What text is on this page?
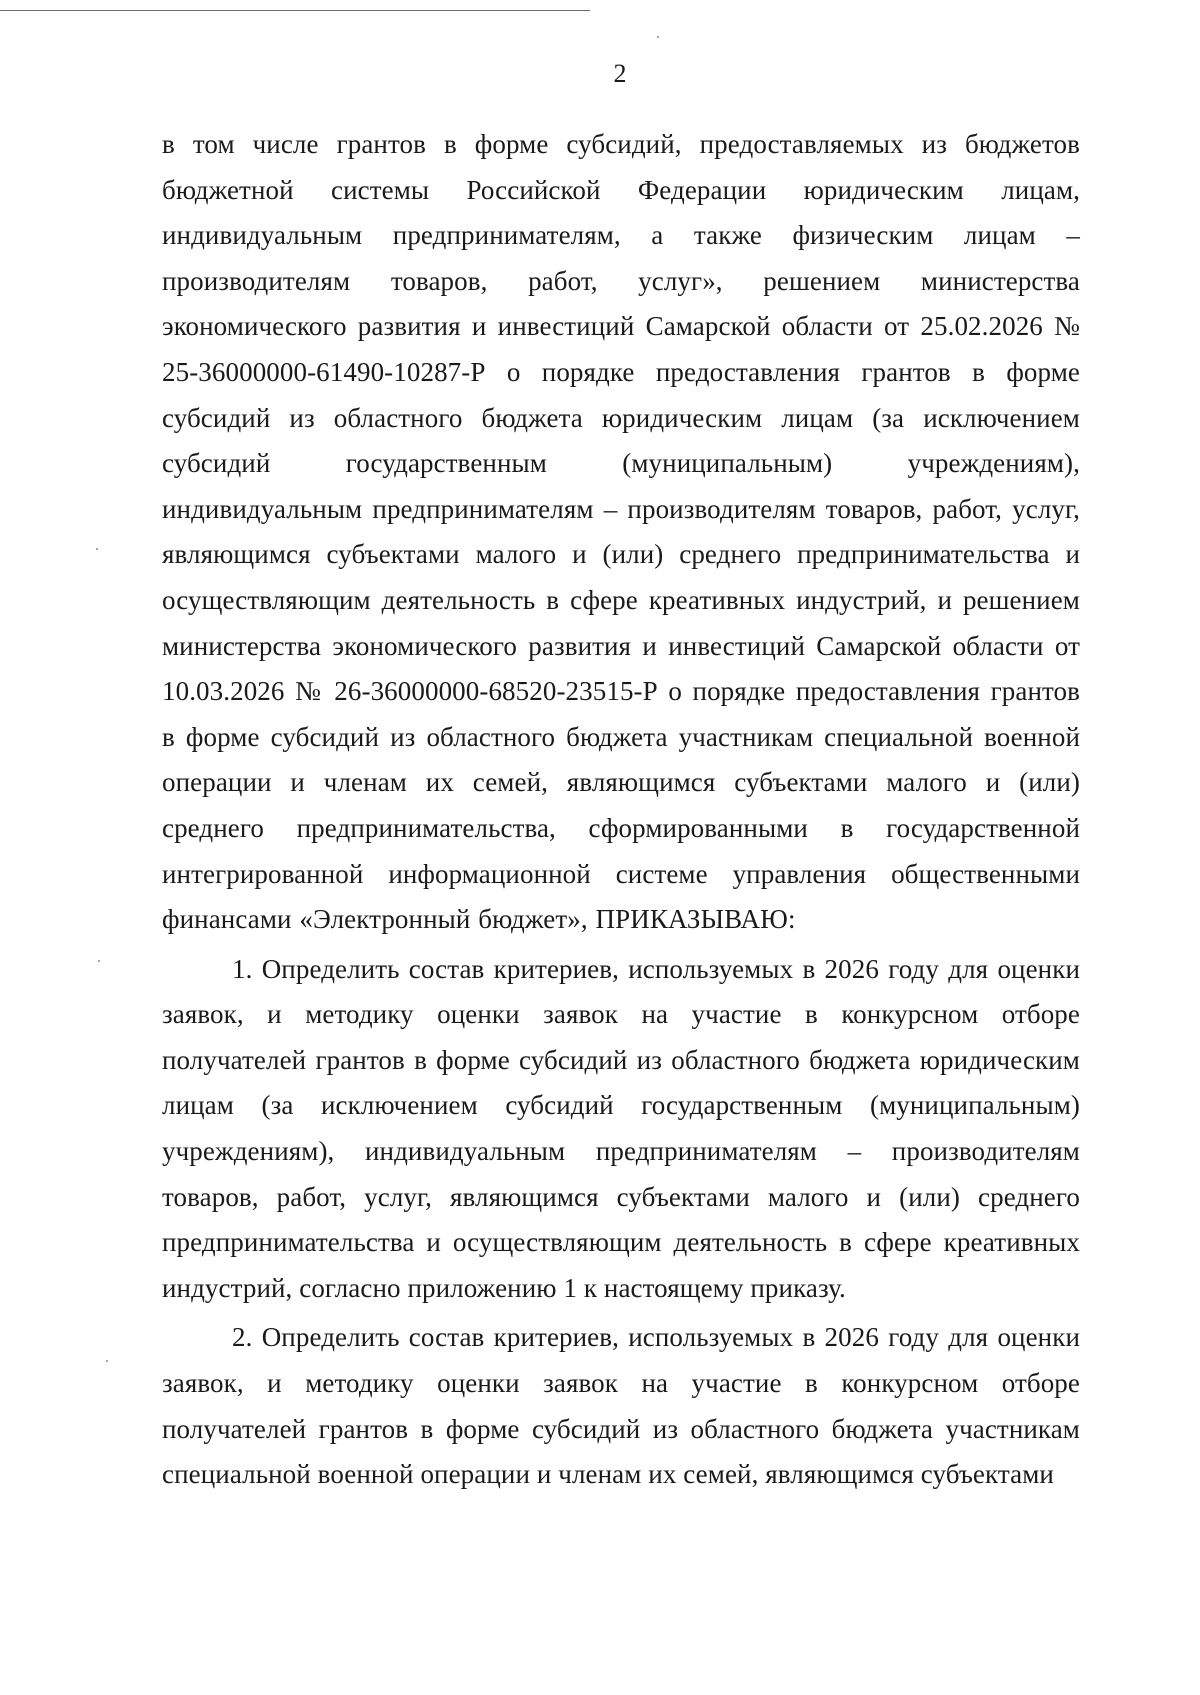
2

в том числе грантов в форме субсидий, предоставляемых из бюджетов бюджетной системы Российской Федерации юридическим лицам, индивидуальным предпринимателям, а также физическим лицам – производителям товаров, работ, услуг», решением министерства экономического развития и инвестиций Самарской области от 25.02.2026 № 25-36000000-61490-10287-Р о порядке предоставления грантов в форме субсидий из областного бюджета юридическим лицам (за исключением субсидий государственным (муниципальным) учреждениям), индивидуальным предпринимателям – производителям товаров, работ, услуг, являющимся субъектами малого и (или) среднего предпринимательства и осуществляющим деятельность в сфере креативных индустрий, и решением министерства экономического развития и инвестиций Самарской области от 10.03.2026 № 26-36000000-68520-23515-Р о порядке предоставления грантов в форме субсидий из областного бюджета участникам специальной военной операции и членам их семей, являющимся субъектами малого и (или) среднего предпринимательства, сформированными в государственной интегрированной информационной системе управления общественными финансами «Электронный бюджет», ПРИКАЗЫВАЮ:

1. Определить состав критериев, используемых в 2026 году для оценки заявок, и методику оценки заявок на участие в конкурсном отборе получателей грантов в форме субсидий из областного бюджета юридическим лицам (за исключением субсидий государственным (муниципальным) учреждениям), индивидуальным предпринимателям – производителям товаров, работ, услуг, являющимся субъектами малого и (или) среднего предпринимательства и осуществляющим деятельность в сфере креативных индустрий, согласно приложению 1 к настоящему приказу.

2. Определить состав критериев, используемых в 2026 году для оценки заявок, и методику оценки заявок на участие в конкурсном отборе получателей грантов в форме субсидий из областного бюджета участникам специальной военной операции и членам их семей, являющимся субъектами
